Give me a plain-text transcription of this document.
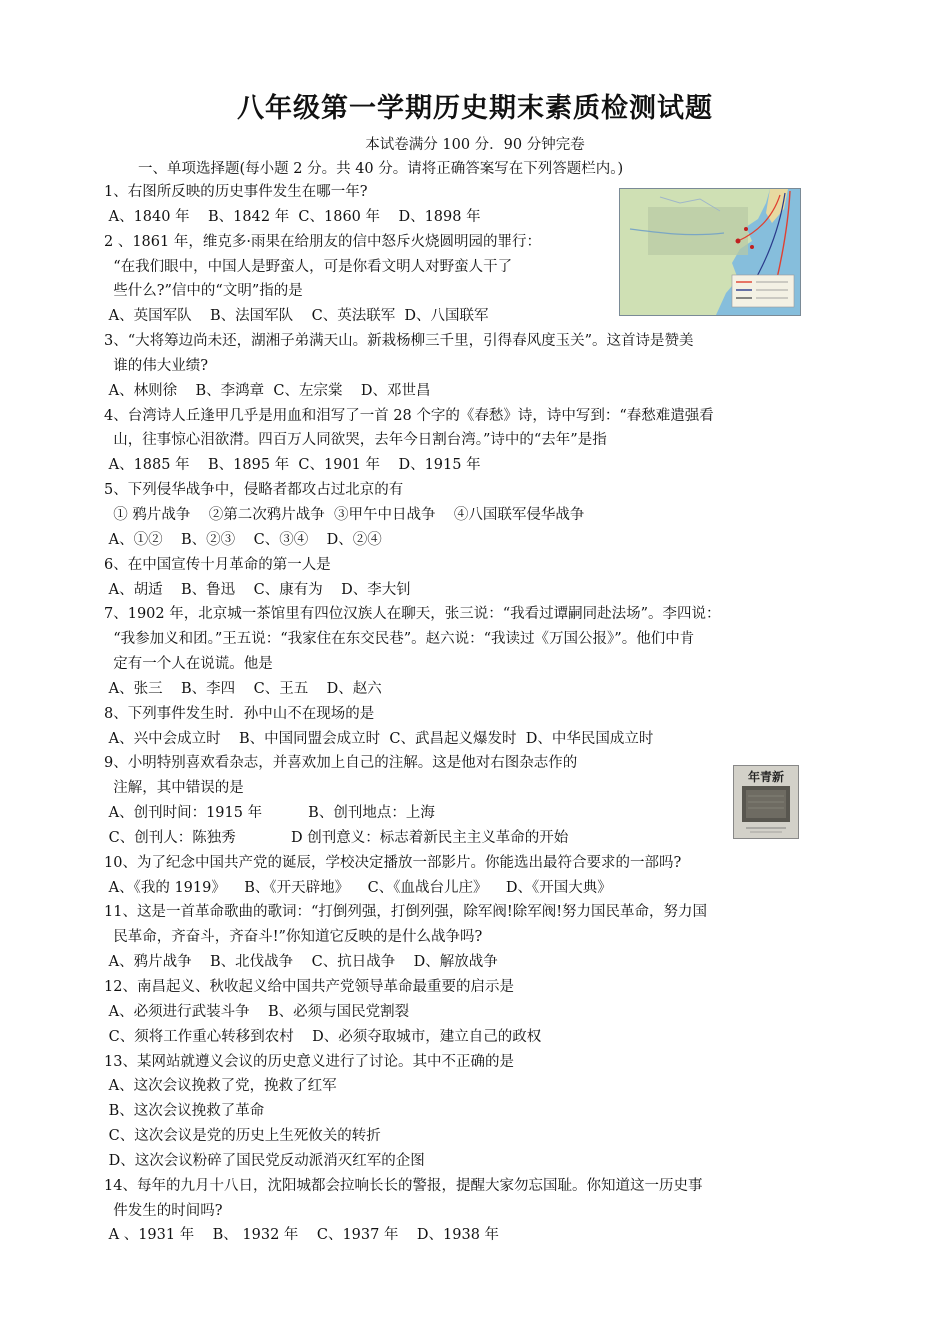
八年级第一学期历史期末素质检测试题
本试卷满分 100 分．90 分钟完卷
一、单项选择题(每小题 2 分。共 40 分。请将正确答案写在下列答题栏内。)
1、右图所反映的历史事件发生在哪一年?
A、1840 年    B、1842 年  C、1860 年    D、1898 年
2 、1861 年，维克多·雨果在给朋友的信中怒斥火烧圆明园的罪行：
“在我们眼中，中国人是野蛮人，可是你看文明人对野蛮人干了
些什么?”信中的“文明”指的是
A、英国军队    B、法国军队    C、英法联军  D、八国联军
3、“大将筹边尚未还，湖湘子弟满天山。新栽杨柳三千里，引得春风度玉关”。这首诗是赞美
谁的伟大业绩?
A、林则徐    B、李鸿章  C、左宗棠    D、邓世昌
4、台湾诗人丘逢甲几乎是用血和泪写了一首 28 个字的《春愁》诗，诗中写到：“春愁难遣强看
山，往事惊心泪欲潸。四百万人同欲哭，去年今日割台湾。”诗中的“去年”是指
A、1885 年    B、1895 年  C、1901 年    D、1915 年
5、下列侵华战争中，侵略者都攻占过北京的有
① 鸦片战争    ②第二次鸦片战争  ③甲午中日战争    ④八国联军侵华战争
A、①②    B、②③    C、③④    D、②④
6、在中国宣传十月革命的第一人是
A、胡适    B、鲁迅    C、康有为    D、李大钊
7、1902 年，北京城一茶馆里有四位汉族人在聊天，张三说：“我看过谭嗣同赴法场”。李四说：
“我参加义和团。”王五说：“我家住在东交民巷”。赵六说：“我读过《万国公报》”。他们中肯
定有一个人在说谎。他是
A、张三    B、李四    C、王五    D、赵六
8、下列事件发生时．孙中山不在现场的是
A、兴中会成立时    B、中国同盟会成立时  C、武昌起义爆发时  D、中华民国成立时
9、小明特别喜欢看杂志，并喜欢加上自己的注解。这是他对右图杂志作的
注解，其中错误的是
A、创刊时间：1915 年          B、创刊地点：上海
C、创刊人：陈独秀            D 创刊意义：标志着新民主主义革命的开始
10、为了纪念中国共产党的诞辰，学校决定播放一部影片。你能选出最符合要求的一部吗?
A、《我的 1919》    B、《开天辟地》    C、《血战台儿庄》    D、《开国大典》
11、这是一首革命歌曲的歌词：“打倒列强，打倒列强，除军阀!除军阀!努力国民革命，努力国
民革命，齐奋斗，齐奋斗!”你知道它反映的是什么战争吗?
A、鸦片战争    B、北伐战争    C、抗日战争    D、解放战争
12、南昌起义、秋收起义给中国共产党领导革命最重要的启示是
A、必须进行武装斗争    B、必须与国民党割裂
C、须将工作重心转移到农村    D、必须夺取城市，建立自己的政权
13、某网站就遵义会议的历史意义进行了讨论。其中不正确的是
A、这次会议挽救了党，挽救了红军
B、这次会议挽救了革命
C、这次会议是党的历史上生死攸关的转折
D、这次会议粉碎了国民党反动派消灭红军的企图
14、每年的九月十八日，沈阳城都会拉响长长的警报，提醒大家勿忘国耻。你知道这一历史事
件发生的时间吗?
A 、1931 年    B、 1932 年    C、1937 年    D、1938 年
年青新
